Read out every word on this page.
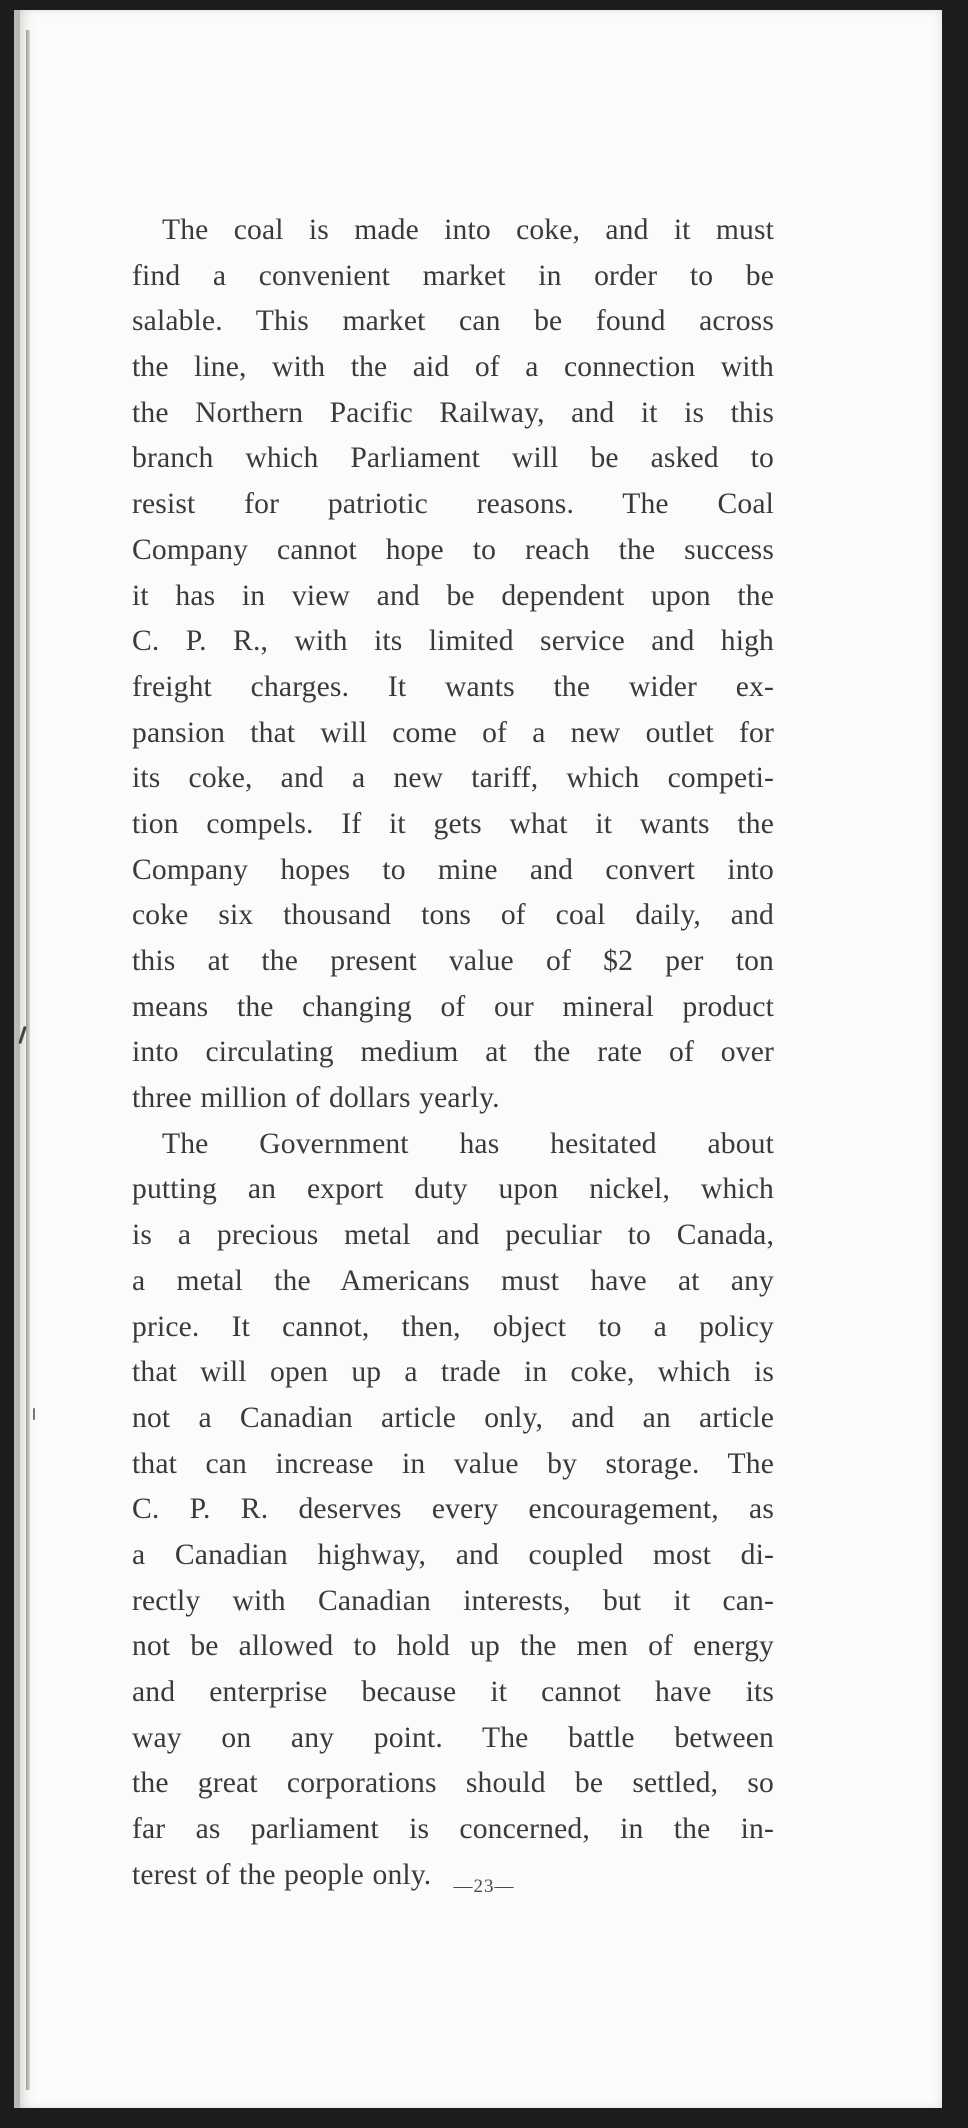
The coal is made into coke, and it must
find a convenient market in order to be
salable. This market can be found across
the line, with the aid of a connection with
the Northern Pacific Railway, and it is this
branch which Parliament will be asked to
resist for patriotic reasons. The Coal
Company cannot hope to reach the success
it has in view and be dependent upon the
C. P. R., with its limited service and high
freight charges. It wants the wider ex-
pansion that will come of a new outlet for
its coke, and a new tariff, which competi-
tion compels. If it gets what it wants the
Company hopes to mine and convert into
coke six thousand tons of coal daily, and
this at the present value of $2 per ton
means the changing of our mineral product
into circulating medium at the rate of over
three million of dollars yearly.
The Government has hesitated about
putting an export duty upon nickel, which
is a precious metal and peculiar to Canada,
a metal the Americans must have at any
price. It cannot, then, object to a policy
that will open up a trade in coke, which is
not a Canadian article only, and an article
that can increase in value by storage. The
C. P. R. deserves every encouragement, as
a Canadian highway, and coupled most di-
rectly with Canadian interests, but it can-
not be allowed to hold up the men of energy
and enterprise because it cannot have its
way on any point. The battle between
the great corporations should be settled, so
far as parliament is concerned, in the in-
terest of the people only.	—23—
